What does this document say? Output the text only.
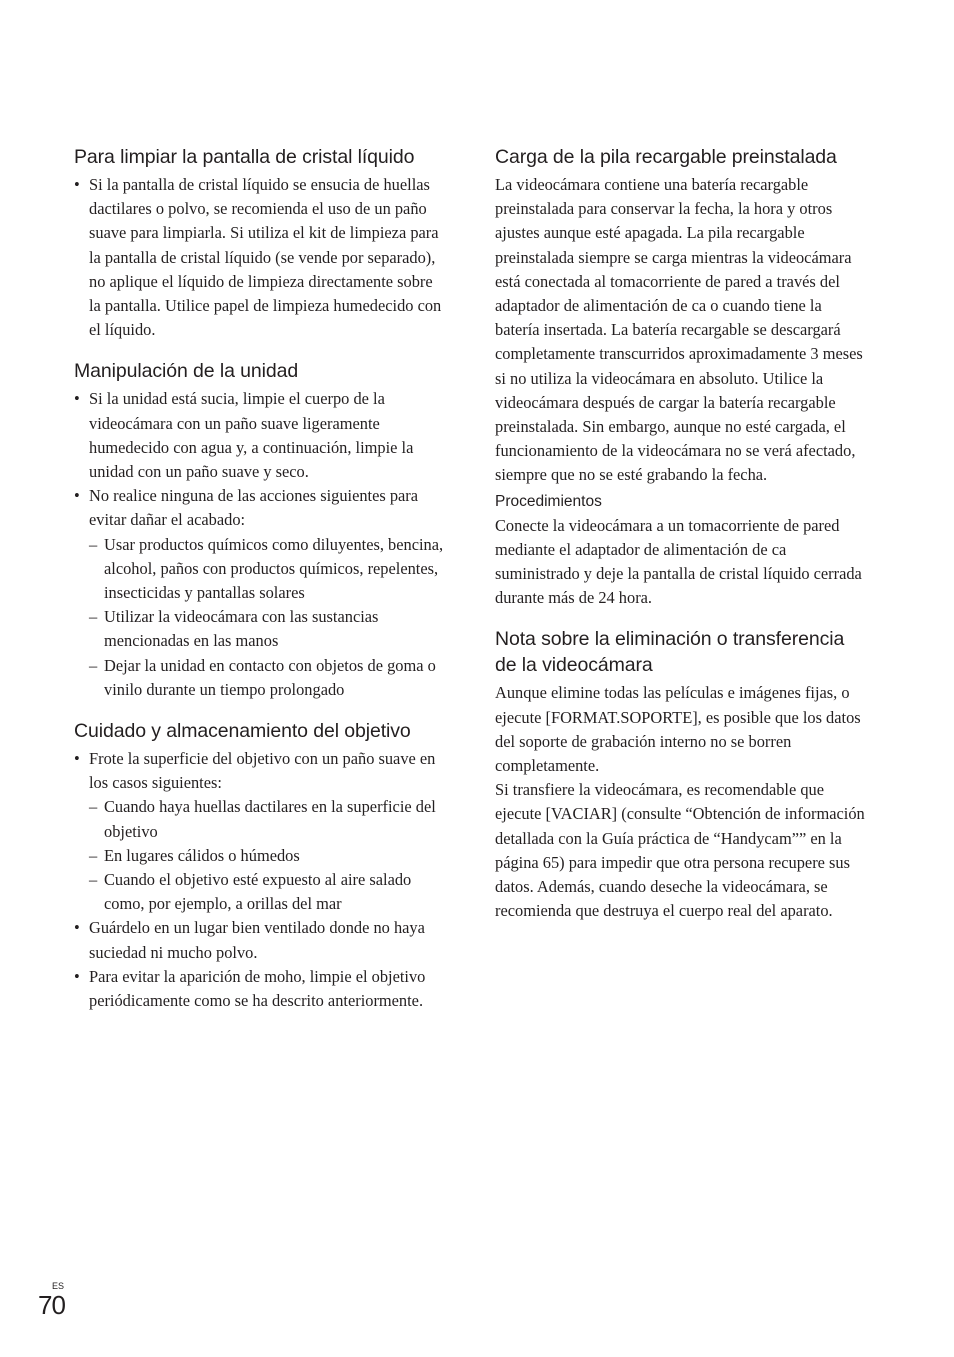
Para limpiar la pantalla de cristal líquido
• Si la pantalla de cristal líquido se ensucia de huellas dactilares o polvo, se recomienda el uso de un paño suave para limpiarla. Si utiliza el kit de limpieza para la pantalla de cristal líquido (se vende por separado), no aplique el líquido de limpieza directamente sobre la pantalla. Utilice papel de limpieza humedecido con el líquido.
Manipulación de la unidad
• Si la unidad está sucia, limpie el cuerpo de la videocámara con un paño suave ligeramente humedecido con agua y, a continuación, limpie la unidad con un paño suave y seco.
• No realice ninguna de las acciones siguientes para evitar dañar el acabado:
– Usar productos químicos como diluyentes, bencina, alcohol, paños con productos químicos, repelentes, insecticidas y pantallas solares
– Utilizar la videocámara con las sustancias mencionadas en las manos
– Dejar la unidad en contacto con objetos de goma o vinilo durante un tiempo prolongado
Cuidado y almacenamiento del objetivo
• Frote la superficie del objetivo con un paño suave en los casos siguientes:
– Cuando haya huellas dactilares en la superficie del objetivo
– En lugares cálidos o húmedos
– Cuando el objetivo esté expuesto al aire salado como, por ejemplo, a orillas del mar
• Guárdelo en un lugar bien ventilado donde no haya suciedad ni mucho polvo.
• Para evitar la aparición de moho, limpie el objetivo periódicamente como se ha descrito anteriormente.
Carga de la pila recargable preinstalada

La videocámara contiene una batería recargable preinstalada para conservar la fecha, la hora y otros ajustes aunque esté apagada. La pila recargable preinstalada siempre se carga mientras la videocámara está conectada al tomacorriente de pared a través del adaptador de alimentación de ca o cuando tiene la batería insertada. La batería recargable se descargará completamente transcurridos aproximadamente 3 meses si no utiliza la videocámara en absoluto. Utilice la videocámara después de cargar la batería recargable preinstalada. Sin embargo, aunque no esté cargada, el funcionamiento de la videocámara no se verá afectado, siempre que no se esté grabando la fecha.

Procedimientos

Conecte la videocámara a un tomacorriente de pared mediante el adaptador de alimentación de ca suministrado y deje la pantalla de cristal líquido cerrada durante más de 24 hora.

Nota sobre la eliminación o transferencia de la videocámara

Aunque elimine todas las películas e imágenes fijas, o ejecute [FORMAT.SOPORTE], es posible que los datos del soporte de grabación interno no se borren completamente.

Si transfiere la videocámara, es recomendable que ejecute [VACIAR] (consulte “Obtención de información detallada con la Guía práctica de “Handycam”” en la página 65) para impedir que otra persona recupere sus datos. Además, cuando deseche la videocámara, se recomienda que destruya el cuerpo real del aparato.

ES
70
